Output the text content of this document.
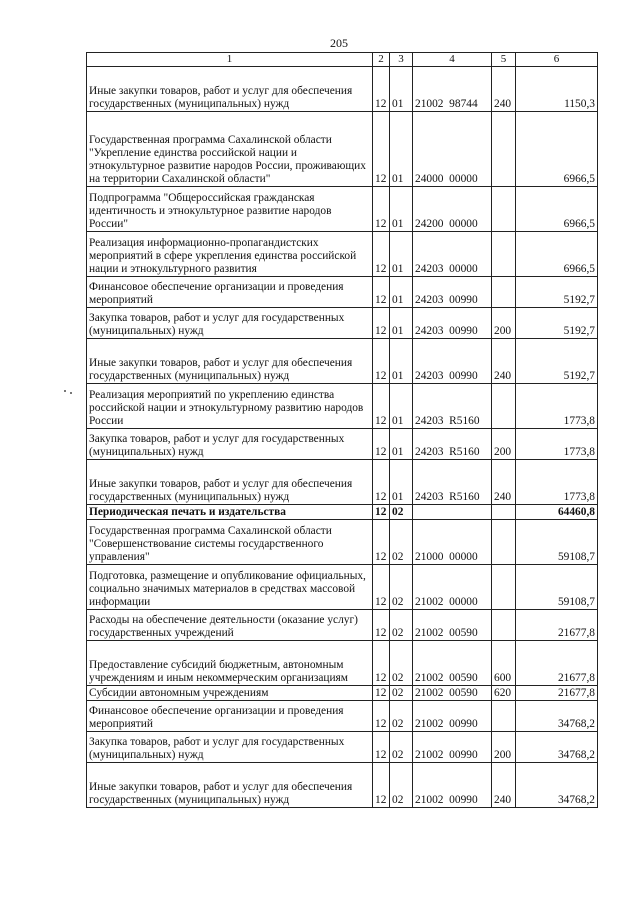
205
1	2	3	4	5	6
Иные закупки товаров, работ и услуг для обеспечения государственных (муниципальных) нужд	12	01	21002  98744	240	1150,3
Государственная программа Сахалинской области "Укрепление единства российской нации и этнокультурное развитие народов России, проживающих на территории Сахалинской области"	12	01	24000  00000		6966,5
Подпрограмма "Общероссийская гражданская идентичность и этнокультурное развитие народов России"	12	01	24200  00000		6966,5
Реализация информационно-пропагандистских мероприятий в сфере укрепления единства российской нации и этнокультурного развития	12	01	24203  00000		6966,5
Финансовое обеспечение организации и проведения мероприятий	12	01	24203  00990		5192,7
Закупка товаров, работ и услуг для государственных (муниципальных) нужд	12	01	24203  00990	200	5192,7
Иные закупки товаров, работ и услуг для обеспечения государственных (муниципальных) нужд	12	01	24203  00990	240	5192,7
Реализация мероприятий по укреплению единства российской нации и этнокультурному развитию народов России	12	01	24203  R5160		1773,8
Закупка товаров, работ и услуг для государственных (муниципальных) нужд	12	01	24203  R5160	200	1773,8
Иные закупки товаров, работ и услуг для обеспечения государственных (муниципальных) нужд	12	01	24203  R5160	240	1773,8
Периодическая печать и издательства	12	02			64460,8
Государственная программа Сахалинской области "Совершенствование системы государственного управления"	12	02	21000  00000		59108,7
Подготовка, размещение и опубликование официальных, социально значимых материалов в средствах массовой информации	12	02	21002  00000		59108,7
Расходы на обеспечение деятельности (оказание услуг) государственных учреждений	12	02	21002  00590		21677,8
Предоставление субсидий бюджетным, автономным учреждениям и иным некоммерческим организациям	12	02	21002  00590	600	21677,8
Субсидии автономным учреждениям	12	02	21002  00590	620	21677,8
Финансовое обеспечение организации и проведения мероприятий	12	02	21002  00990		34768,2
Закупка товаров, работ и услуг для государственных (муниципальных) нужд	12	02	21002  00990	200	34768,2
Иные закупки товаров, работ и услуг для обеспечения государственных (муниципальных) нужд	12	02	21002  00990	240	34768,2
